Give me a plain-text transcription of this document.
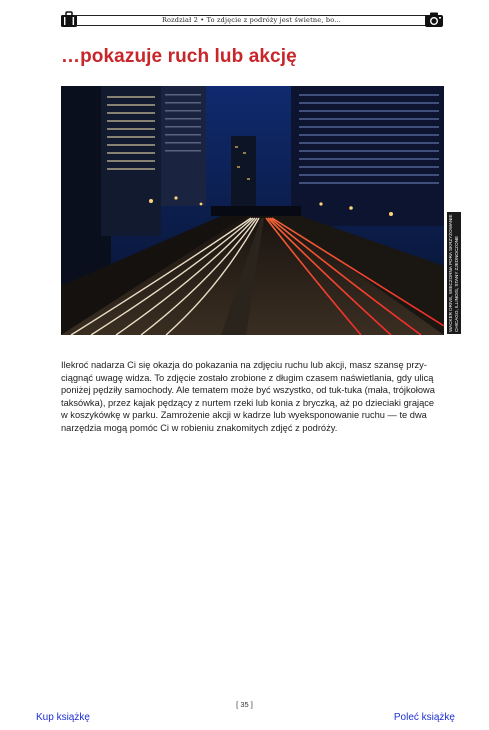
Rozdział 2 • To zdjęcie z podróży jest świetne, bo...
…pokazuje ruch lub akcję
WACKER DRIVE, WIECZORNA PORA SKRZYŻOWANIE CHICAGO, ILLINOIS, STANY ZJEDNOCZONE
Ilekroć nadarza Ci się okazja do pokazania na zdjęciu ruchu lub akcji, masz szansę przy-
ciągnąć uwagę widza. To zdjęcie zostało zrobione z długim czasem naświetlania, gdy ulicą
poniżej pędziły samochody. Ale tematem może być wszystko, od tuk-tuka (mała, trójkołowa
taksówka), przez kajak pędzący z nurtem rzeki lub konia z bryczką, aż po dzieciaki grające
w koszykówkę w parku. Zamrożenie akcji w kadrze lub wyeksponowanie ruchu — te dwa
narzędzia mogą pomóc Ci w robieniu znakomitych zdjęć z podróży.
[ 35 ]
Kup książkę	Poleć książkę
